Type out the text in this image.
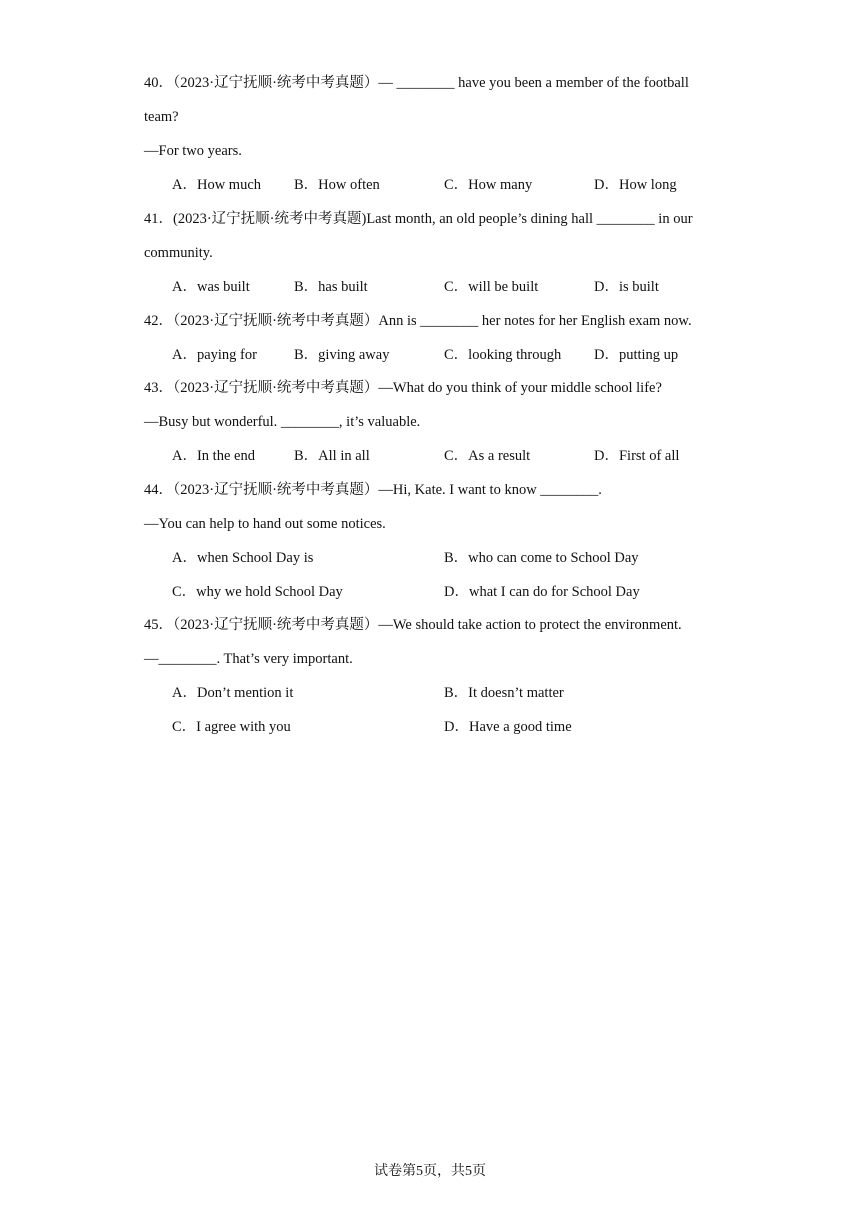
40．（2023·辽宁抚顺·统考中考真题）— ________ have you been a member of the football
team?
—For two years.
A．How much B．How often	C．How many	D．How long
41．(2023·辽宁抚顺·统考中考真题)Last month, an old people’s dining hall ________ in our
community.
A．was built	B．has built	C．will be built	D．is built
42．（2023·辽宁抚顺·统考中考真题）Ann is ________ her notes for her English exam now.
A．paying for	B．giving away	C．looking through D．putting up
43．（2023·辽宁抚顺·统考中考真题）—What do you think of your middle school life?
—Busy but wonderful. ________, it’s valuable.
A．In the end	B．All in all	C．As a result	D．First of all
44．（2023·辽宁抚顺·统考中考真题）—Hi, Kate. I want to know ________.
—You can help to hand out some notices.
A．when School Day is	B．who can come to School Day
C．why we hold School Day	D．what I can do for School Day
45．（2023·辽宁抚顺·统考中考真题）—We should take action to protect the environment.
—________. That’s very important.
A．Don’t mention it	B．It doesn’t matter
C．I agree with you	D．Have a good time
试卷第5页，共5页
